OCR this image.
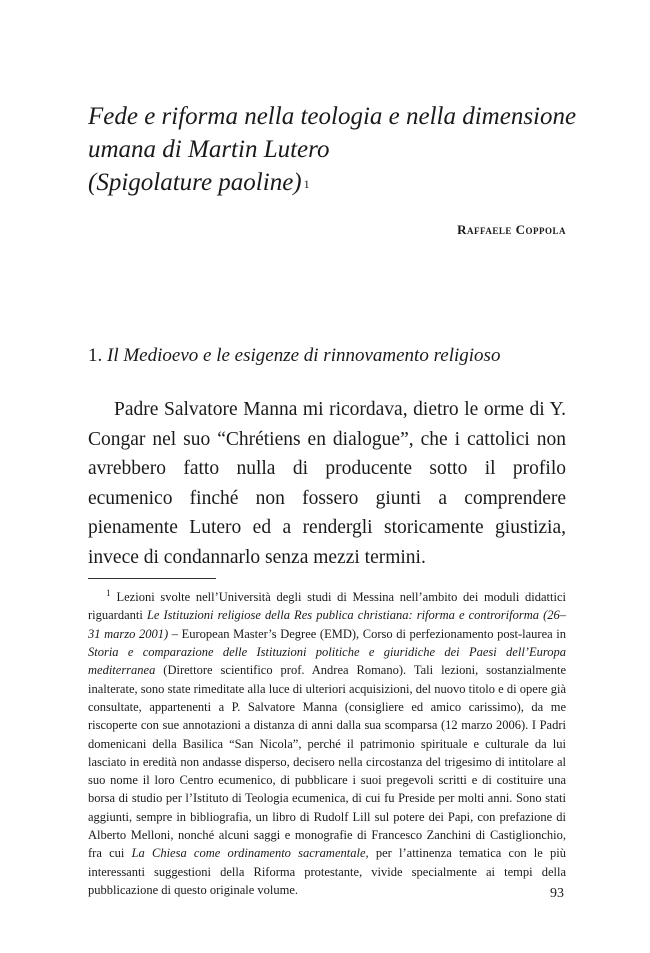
Fede e riforma nella teologia e nella dimensione
umana di Martin Lutero
(Spigolature paoline) $^1$
Raffaele Coppola
1. Il Medioevo e le esigenze di rinnovamento religioso

Padre Salvatore Manna mi ricordava, dietro le orme di Y. Congar nel suo “Chrétiens en dialogue”, che i cattolici non avrebbero fatto nulla di producente sotto il profilo ecumenico finché non fossero giunti a comprendere pienamente Lutero ed a rendergli storicamente giustizia, invece di condannarlo senza mezzi termini.

$^1$ Lezioni svolte nell’Università degli studi di Messina nell’ambito dei moduli didattici riguardanti Le Istituzioni religiose della Res publica christiana: riforma e controriforma (26–31 marzo 2001) – European Master’s Degree (EMD), Corso di perfezionamento post-laurea in Storia e comparazione delle Istituzioni politiche e giuridiche dei Paesi dell’Europa mediterranea (Direttore scientifico prof. Andrea Romano). Tali lezioni, sostanzialmente inalterate, sono state rimeditate alla luce di ulteriori acquisizioni, del nuovo titolo e di opere già consultate, appartenenti a P. Salvatore Manna (consigliere ed amico carissimo), da me riscoperte con sue annotazioni a distanza di anni dalla sua scomparsa (12 marzo 2006). I Padri domenicani della Basilica “San Nicola”, perché il patrimonio spirituale e culturale da lui lasciato in eredità non andasse disperso, decisero nella circostanza del trigesimo di intitolare al suo nome il loro Centro ecumenico, di pubblicare i suoi pregevoli scritti e di costituire una borsa di studio per l’Istituto di Teologia ecumenica, di cui fu Preside per molti anni. Sono stati aggiunti, sempre in bibliografia, un libro di Rudolf Lill sul potere dei Papi, con prefazione di Alberto Melloni, nonché alcuni saggi e monografie di Francesco Zanchini di Castiglionchio, fra cui La Chiesa come ordinamento sacramentale, per l’attinenza tematica con le più interessanti suggestioni della Riforma protestante, vivide specialmente ai tempi della pubblicazione di questo originale volume.	93
